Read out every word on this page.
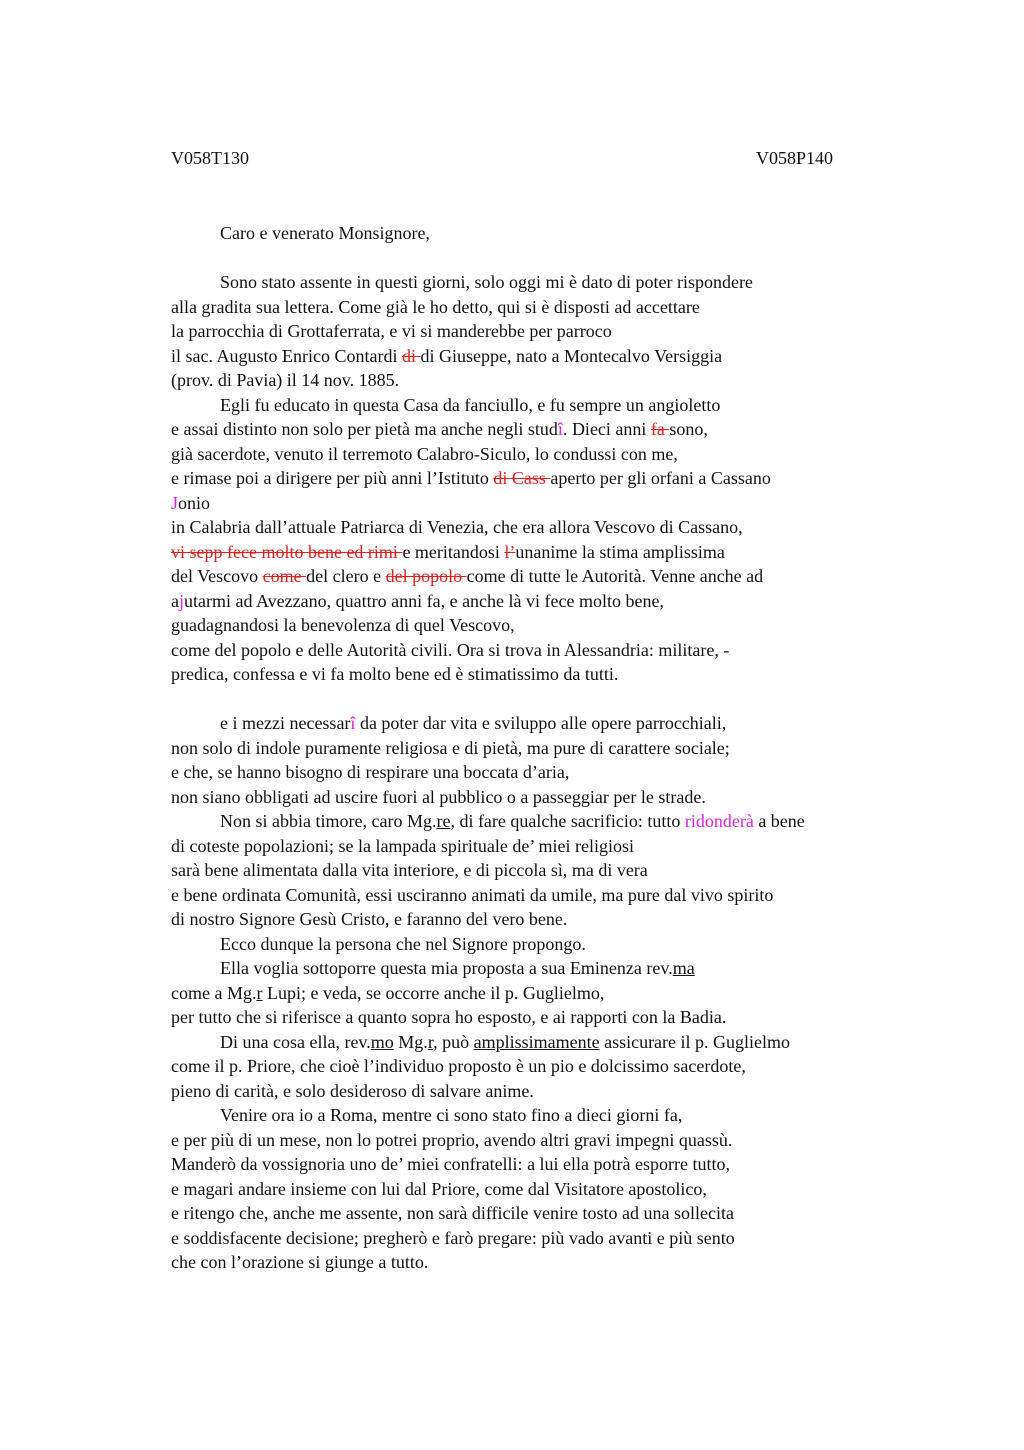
V058T130	V058P140
Caro e venerato Monsignore,
Sono stato assente in questi giorni, solo oggi mi è dato di poter rispondere
alla gradita sua lettera. Come già le ho detto, qui si è disposti ad accettare
la parrocchia di Grottaferrata, e vi si manderebbe per parroco
il sac. Augusto Enrico Contardi di di Giuseppe, nato a Montecalvo Versiggia
(prov. di Pavia) il 14 nov. 1885.
Egli fu educato in questa Casa da fanciullo, e fu sempre un angioletto
e assai distinto non solo per pietà ma anche negli studî. Dieci anni fa sono,
già sacerdote, venuto il terremoto Calabro-Siculo, lo condussi con me,
e rimase poi a dirigere per più anni l’Istituto di Cass aperto per gli orfani a Cassano
Jonio
in Calabria dall’attuale Patriarca di Venezia, che era allora Vescovo di Cassano,
vi sepp fece molto bene ed rimi e meritandosi l’unanime la stima amplissima
del Vescovo come del clero e del popolo come di tutte le Autorità. Venne anche ad
ajutarmi ad Avezzano, quattro anni fa, e anche là vi fece molto bene,
guadagnandosi la benevolenza di quel Vescovo,
come del popolo e delle Autorità civili. Ora si trova in Alessandria: militare, -
predica, confessa e vi fa molto bene ed è stimatissimo da tutti.
e i mezzi necessarî da poter dar vita e sviluppo alle opere parrocchiali,
non solo di indole puramente religiosa e di pietà, ma pure di carattere sociale;
e che, se hanno bisogno di respirare una boccata d’aria,
non siano obbligati ad uscire fuori al pubblico o a passeggiar per le strade.
Non si abbia timore, caro Mg.re, di fare qualche sacrificio: tutto ridonderà a bene
di coteste popolazioni; se la lampada spirituale de’ miei religiosi
sarà bene alimentata dalla vita interiore, e di piccola sì, ma di vera
e bene ordinata Comunità, essi usciranno animati da umile, ma pure dal vivo spirito
di nostro Signore Gesù Cristo, e faranno del vero bene.
Ecco dunque la persona che nel Signore propongo.
Ella voglia sottoporre questa mia proposta a sua Eminenza rev.ma
come a Mg.r Lupi; e veda, se occorre anche il p. Guglielmo,
per tutto che si riferisce a quanto sopra ho esposto, e ai rapporti con la Badia.
Di una cosa ella, rev.mo Mg.r, può amplissimamente assicurare il p. Guglielmo
come il p. Priore, che cioè l’individuo proposto è un pio e dolcissimo sacerdote,
pieno di carità, e solo desideroso di salvare anime.
Venire ora io a Roma, mentre ci sono stato fino a dieci giorni fa,
e per più di un mese, non lo potrei proprio, avendo altri gravi impegni quassù.
Manderò da vossignoria uno de’ miei confratelli: a lui ella potrà esporre tutto,
e magari andare insieme con lui dal Priore, come dal Visitatore apostolico,
e ritengo che, anche me assente, non sarà difficile venire tosto ad una sollecita
e soddisfacente decisione; pregherò e farò pregare: più vado avanti e più sento
che con l’orazione si giunge a tutto.
